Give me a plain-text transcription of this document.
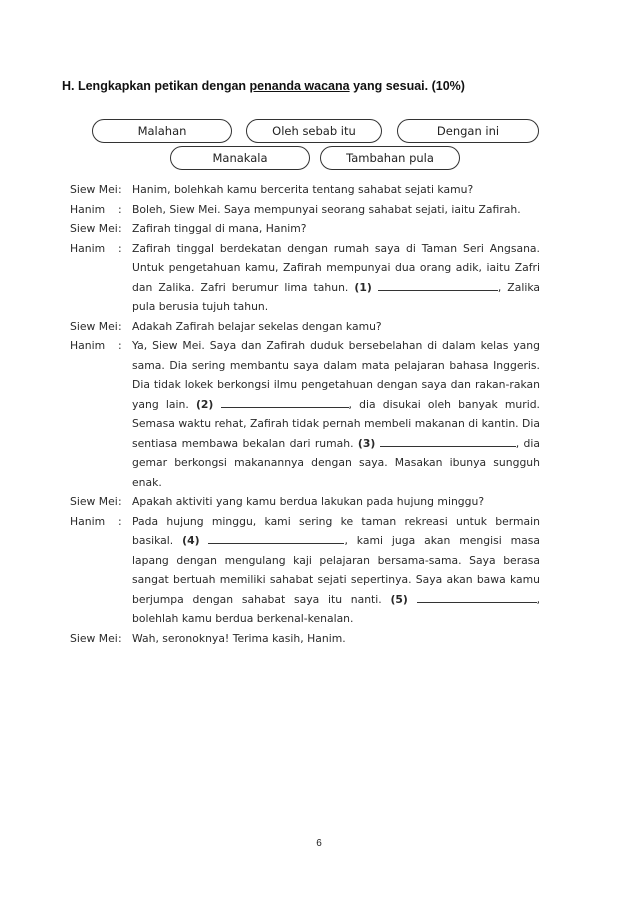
H. Lengkapkan petikan dengan penanda wacana yang sesuai. (10%)
Malahan	Oleh sebab itu	Dengan ini
Manakala	Tambahan pula
Siew Mei : Hanim, bolehkah kamu bercerita tentang sahabat sejati kamu?
Hanim	: Boleh, Siew Mei. Saya mempunyai seorang sahabat sejati, iaitu Zafirah.
Siew Mei : Zafirah tinggal di mana, Hanim?
Hanim	: Zafirah tinggal berdekatan dengan rumah saya di Taman Seri Angsana. Untuk pengetahuan kamu, Zafirah mempunyai dua orang adik, iaitu Zafri dan Zalika. Zafri berumur lima tahun. (1)	, Zalika pula berusia tujuh tahun.
Siew Mei : Adakah Zafirah belajar sekelas dengan kamu?
Hanim	: Ya, Siew Mei. Saya dan Zafirah duduk bersebelahan di dalam kelas yang sama. Dia sering membantu saya dalam mata pelajaran bahasa Inggeris. Dia tidak lokek berkongsi ilmu pengetahuan dengan saya dan rakan-rakan yang lain. (2)	, dia disukai oleh banyak murid. Semasa waktu rehat, Zafirah tidak pernah membeli makanan di kantin. Dia sentiasa membawa bekalan dari rumah. (3)	, dia gemar berkongsi makanannya dengan saya. Masakan ibunya sungguh enak.
Siew Mei : Apakah aktiviti yang kamu berdua lakukan pada hujung minggu?
Hanim	: Pada hujung minggu, kami sering ke taman rekreasi untuk bermain basikal. (4)	, kami juga akan mengisi masa lapang dengan mengulang kaji pelajaran bersama-sama. Saya berasa sangat bertuah memiliki sahabat sejati sepertinya. Saya akan bawa kamu berjumpa dengan sahabat saya itu nanti. (5)	, bolehlah kamu berdua berkenal-kenalan.
Siew Mei : Wah, seronoknya! Terima kasih, Hanim.
6
